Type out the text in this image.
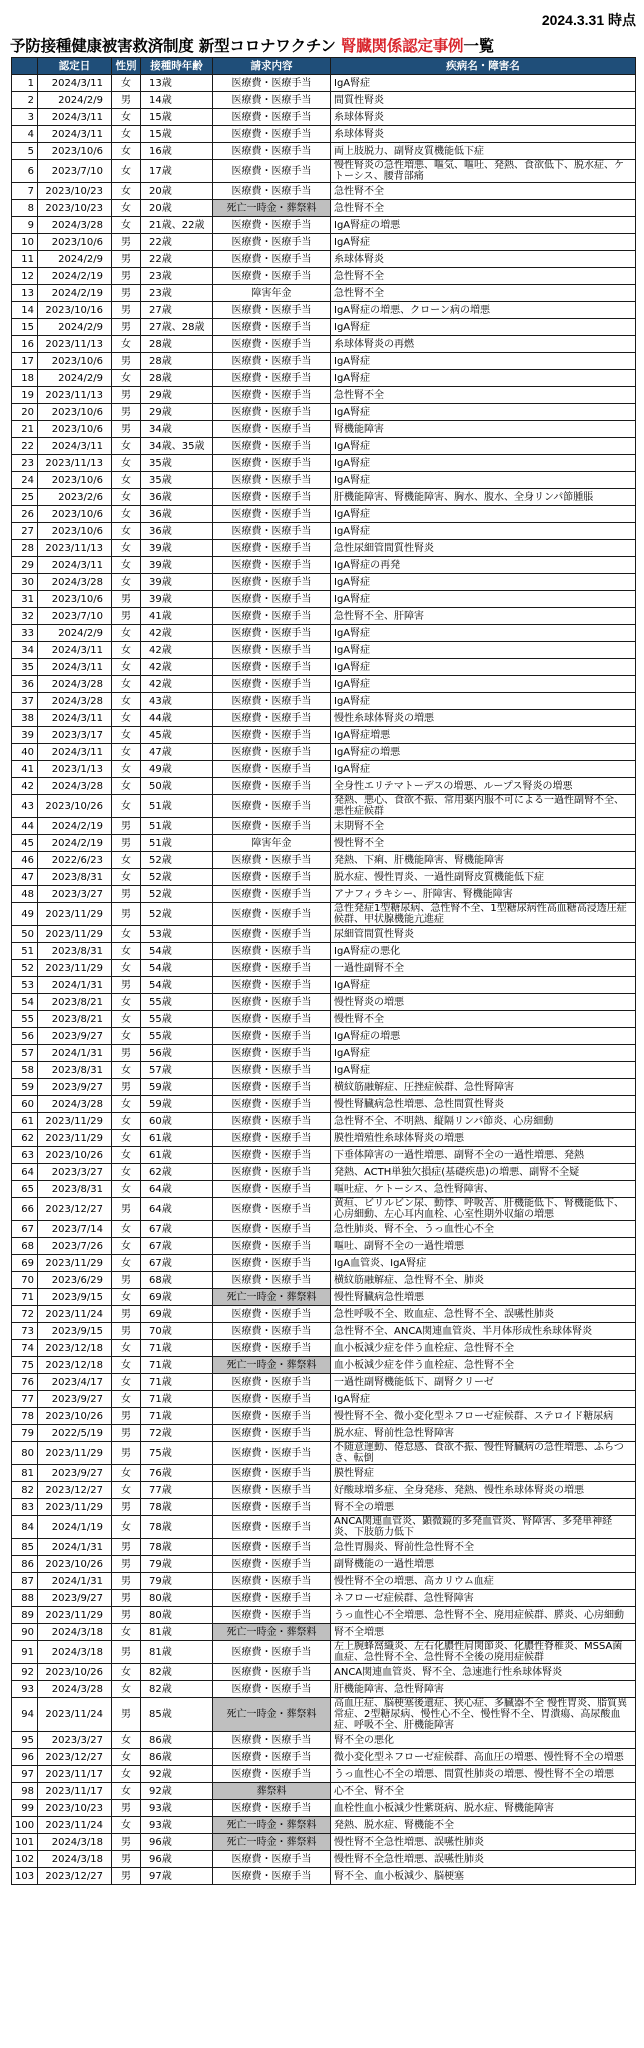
2024.3.31 時点
予防接種健康被害救済制度 新型コロナワクチン 腎臓関係認定事例一覧
	認定日	性別	接種時年齢	請求内容	疾病名・障害名
1	2024/3/11	女	13歳	医療費・医療手当	IgA腎症
2	2024/2/9	男	14歳	医療費・医療手当	間質性腎炎
3	2024/3/11	女	15歳	医療費・医療手当	糸球体腎炎
4	2024/3/11	女	15歳	医療費・医療手当	糸球体腎炎
5	2023/10/6	女	16歳	医療費・医療手当	両上肢脱力、副腎皮質機能低下症
6	2023/7/10	女	17歳	医療費・医療手当	慢性腎炎の急性増悪、嘔気、嘔吐、発熱、食欲低下、脱水症、ケトーシス、腰背部痛
7	2023/10/23	女	20歳	医療費・医療手当	急性腎不全
8	2023/10/23	女	20歳	死亡一時金・葬祭料	急性腎不全
9	2024/3/28	女	21歳、22歳	医療費・医療手当	IgA腎症の増悪
10	2023/10/6	男	22歳	医療費・医療手当	IgA腎症
11	2024/2/9	男	22歳	医療費・医療手当	糸球体腎炎
12	2024/2/19	男	23歳	医療費・医療手当	急性腎不全
13	2024/2/19	男	23歳	障害年金	急性腎不全
14	2023/10/16	男	27歳	医療費・医療手当	IgA腎症の増悪、クローン病の増悪
15	2024/2/9	男	27歳、28歳	医療費・医療手当	IgA腎症
16	2023/11/13	女	28歳	医療費・医療手当	糸球体腎炎の再燃
17	2023/10/6	男	28歳	医療費・医療手当	IgA腎症
18	2024/2/9	女	28歳	医療費・医療手当	IgA腎症
19	2023/11/13	男	29歳	医療費・医療手当	急性腎不全
20	2023/10/6	男	29歳	医療費・医療手当	IgA腎症
21	2023/10/6	男	34歳	医療費・医療手当	腎機能障害
22	2024/3/11	女	34歳、35歳	医療費・医療手当	IgA腎症
23	2023/11/13	女	35歳	医療費・医療手当	IgA腎症
24	2023/10/6	女	35歳	医療費・医療手当	IgA腎症
25	2023/2/6	女	36歳	医療費・医療手当	肝機能障害、腎機能障害、胸水、腹水、全身リンパ節腫脹
26	2023/10/6	女	36歳	医療費・医療手当	IgA腎症
27	2023/10/6	女	36歳	医療費・医療手当	IgA腎症
28	2023/11/13	女	39歳	医療費・医療手当	急性尿細管間質性腎炎
29	2024/3/11	女	39歳	医療費・医療手当	IgA腎症の再発
30	2024/3/28	女	39歳	医療費・医療手当	IgA腎症
31	2023/10/6	男	39歳	医療費・医療手当	IgA腎症
32	2023/7/10	男	41歳	医療費・医療手当	急性腎不全、肝障害
33	2024/2/9	女	42歳	医療費・医療手当	IgA腎症
34	2024/3/11	女	42歳	医療費・医療手当	IgA腎症
35	2024/3/11	女	42歳	医療費・医療手当	IgA腎症
36	2024/3/28	女	42歳	医療費・医療手当	IgA腎症
37	2024/3/28	女	43歳	医療費・医療手当	IgA腎症
38	2024/3/11	女	44歳	医療費・医療手当	慢性糸球体腎炎の増悪
39	2023/3/17	女	45歳	医療費・医療手当	IgA腎症増悪
40	2024/3/11	女	47歳	医療費・医療手当	IgA腎症の増悪
41	2023/1/13	女	49歳	医療費・医療手当	IgA腎症
42	2024/3/28	女	50歳	医療費・医療手当	全身性エリテマトーデスの増悪、ループス腎炎の増悪
43	2023/10/26	女	51歳	医療費・医療手当	発熱、悪心、食欲不振、常用薬内服不可による一過性副腎不全、悪性症候群
44	2024/2/19	男	51歳	医療費・医療手当	末期腎不全
45	2024/2/19	男	51歳	障害年金	慢性腎不全
46	2022/6/23	女	52歳	医療費・医療手当	発熱、下痢、肝機能障害、腎機能障害
47	2023/8/31	女	52歳	医療費・医療手当	脱水症、慢性胃炎、一過性副腎皮質機能低下症
48	2023/3/27	男	52歳	医療費・医療手当	アナフィラキシー、肝障害、腎機能障害
49	2023/11/29	男	52歳	医療費・医療手当	急性発症1型糖尿病、急性腎不全、1型糖尿病性高血糖高浸透圧症候群、甲状腺機能亢進症
50	2023/11/29	女	53歳	医療費・医療手当	尿細管間質性腎炎
51	2023/8/31	女	54歳	医療費・医療手当	IgA腎症の悪化
52	2023/11/29	女	54歳	医療費・医療手当	一過性副腎不全
53	2024/1/31	男	54歳	医療費・医療手当	IgA腎症
54	2023/8/21	女	55歳	医療費・医療手当	慢性腎炎の増悪
55	2023/8/21	女	55歳	医療費・医療手当	慢性腎不全
56	2023/9/27	女	55歳	医療費・医療手当	IgA腎症の増悪
57	2024/1/31	男	56歳	医療費・医療手当	IgA腎症
58	2023/8/31	女	57歳	医療費・医療手当	IgA腎症
59	2023/9/27	男	59歳	医療費・医療手当	横紋筋融解症、圧挫症候群、急性腎障害
60	2024/3/28	女	59歳	医療費・医療手当	慢性腎臓病急性増悪、急性間質性腎炎
61	2023/11/29	女	60歳	医療費・医療手当	急性腎不全、不明熱、縦隔リンパ節炎、心房細動
62	2023/11/29	女	61歳	医療費・医療手当	膜性増殖性糸球体腎炎の増悪
63	2023/10/26	女	61歳	医療費・医療手当	下垂体障害の一過性増悪、副腎不全の一過性増悪、発熱
64	2023/3/27	女	62歳	医療費・医療手当	発熱、ACTH単独欠損症(基礎疾患)の増悪、副腎不全疑
65	2023/8/31	女	64歳	医療費・医療手当	嘔吐症、ケトーシス、急性腎障害、
66	2023/12/27	男	64歳	医療費・医療手当	黄疸、ビリルビン尿、動悸、呼吸苦、肝機能低下、腎機能低下、心房細動、左心耳内血栓、心室性期外収縮の増悪
67	2023/7/14	女	67歳	医療費・医療手当	急性肺炎、腎不全、うっ血性心不全
68	2023/7/26	女	67歳	医療費・医療手当	嘔吐、副腎不全の一過性増悪
69	2023/11/29	女	67歳	医療費・医療手当	IgA血管炎、IgA腎症
70	2023/6/29	男	68歳	医療費・医療手当	横紋筋融解症、急性腎不全、肺炎
71	2023/9/15	女	69歳	死亡一時金・葬祭料	慢性腎臓病急性増悪
72	2023/11/24	男	69歳	医療費・医療手当	急性呼吸不全、敗血症、急性腎不全、誤嚥性肺炎
73	2023/9/15	男	70歳	医療費・医療手当	急性腎不全、ANCA関連血管炎、半月体形成性糸球体腎炎
74	2023/12/18	女	71歳	医療費・医療手当	血小板減少症を伴う血栓症、急性腎不全
75	2023/12/18	女	71歳	死亡一時金・葬祭料	血小板減少症を伴う血栓症、急性腎不全
76	2023/4/17	女	71歳	医療費・医療手当	一過性副腎機能低下、副腎クリーゼ
77	2023/9/27	女	71歳	医療費・医療手当	IgA腎症
78	2023/10/26	男	71歳	医療費・医療手当	慢性腎不全、微小変化型ネフローゼ症候群、ステロイド糖尿病
79	2022/5/19	男	72歳	医療費・医療手当	脱水症、腎前性急性腎障害
80	2023/11/29	男	75歳	医療費・医療手当	不随意運動、倦怠感、食欲不振、慢性腎臓病の急性増悪、ふらつき、転倒
81	2023/9/27	女	76歳	医療費・医療手当	膜性腎症
82	2023/12/27	女	77歳	医療費・医療手当	好酸球増多症、全身発疹、発熱、慢性糸球体腎炎の増悪
83	2023/11/29	男	78歳	医療費・医療手当	腎不全の増悪
84	2024/1/19	女	78歳	医療費・医療手当	ANCA関連血管炎、顕微鏡的多発血管炎、腎障害、多発単神経炎、下肢筋力低下
85	2024/1/31	男	78歳	医療費・医療手当	急性胃腸炎、腎前性急性腎不全
86	2023/10/26	男	79歳	医療費・医療手当	副腎機能の一過性増悪
87	2024/1/31	男	79歳	医療費・医療手当	慢性腎不全の増悪、高カリウム血症
88	2023/9/27	男	80歳	医療費・医療手当	ネフローゼ症候群、急性腎障害
89	2023/11/29	男	80歳	医療費・医療手当	うっ血性心不全増悪、急性腎不全、廃用症候群、膵炎、心房細動
90	2024/3/18	女	81歳	死亡一時金・葬祭料	腎不全増悪
91	2024/3/18	男	81歳	医療費・医療手当	左上腕蜂窩織炎、左右化膿性肩関節炎、化膿性脊椎炎、MSSA菌血症、急性腎不全、急性腎不全後の廃用症候群
92	2023/10/26	女	82歳	医療費・医療手当	ANCA関連血管炎、腎不全、急速進行性糸球体腎炎
93	2024/3/28	女	82歳	医療費・医療手当	肝機能障害、急性腎障害
94	2023/11/24	男	85歳	死亡一時金・葬祭料	高血圧症、脳梗塞後遺症、狭心症、多臓器不全 慢性胃炎、脂質異常症、2型糖尿病、慢性心不全、慢性腎不全、胃潰瘍、高尿酸血症、呼吸不全、肝機能障害
95	2023/3/27	女	86歳	医療費・医療手当	腎不全の悪化
96	2023/12/27	女	86歳	医療費・医療手当	微小変化型ネフローゼ症候群、高血圧の増悪、慢性腎不全の増悪
97	2023/11/17	女	92歳	医療費・医療手当	うっ血性心不全の増悪、間質性肺炎の増悪、慢性腎不全の増悪
98	2023/11/17	女	92歳	葬祭料	心不全、腎不全
99	2023/10/23	男	93歳	医療費・医療手当	血栓性血小板減少性紫斑病、脱水症、腎機能障害
100	2023/11/24	女	93歳	死亡一時金・葬祭料	発熱、脱水症、腎機能不全
101	2024/3/18	男	96歳	死亡一時金・葬祭料	慢性腎不全急性増悪、誤嚥性肺炎
102	2024/3/18	男	96歳	医療費・医療手当	慢性腎不全急性増悪、誤嚥性肺炎
103	2023/12/27	男	97歳	医療費・医療手当	腎不全、血小板減少、脳梗塞
